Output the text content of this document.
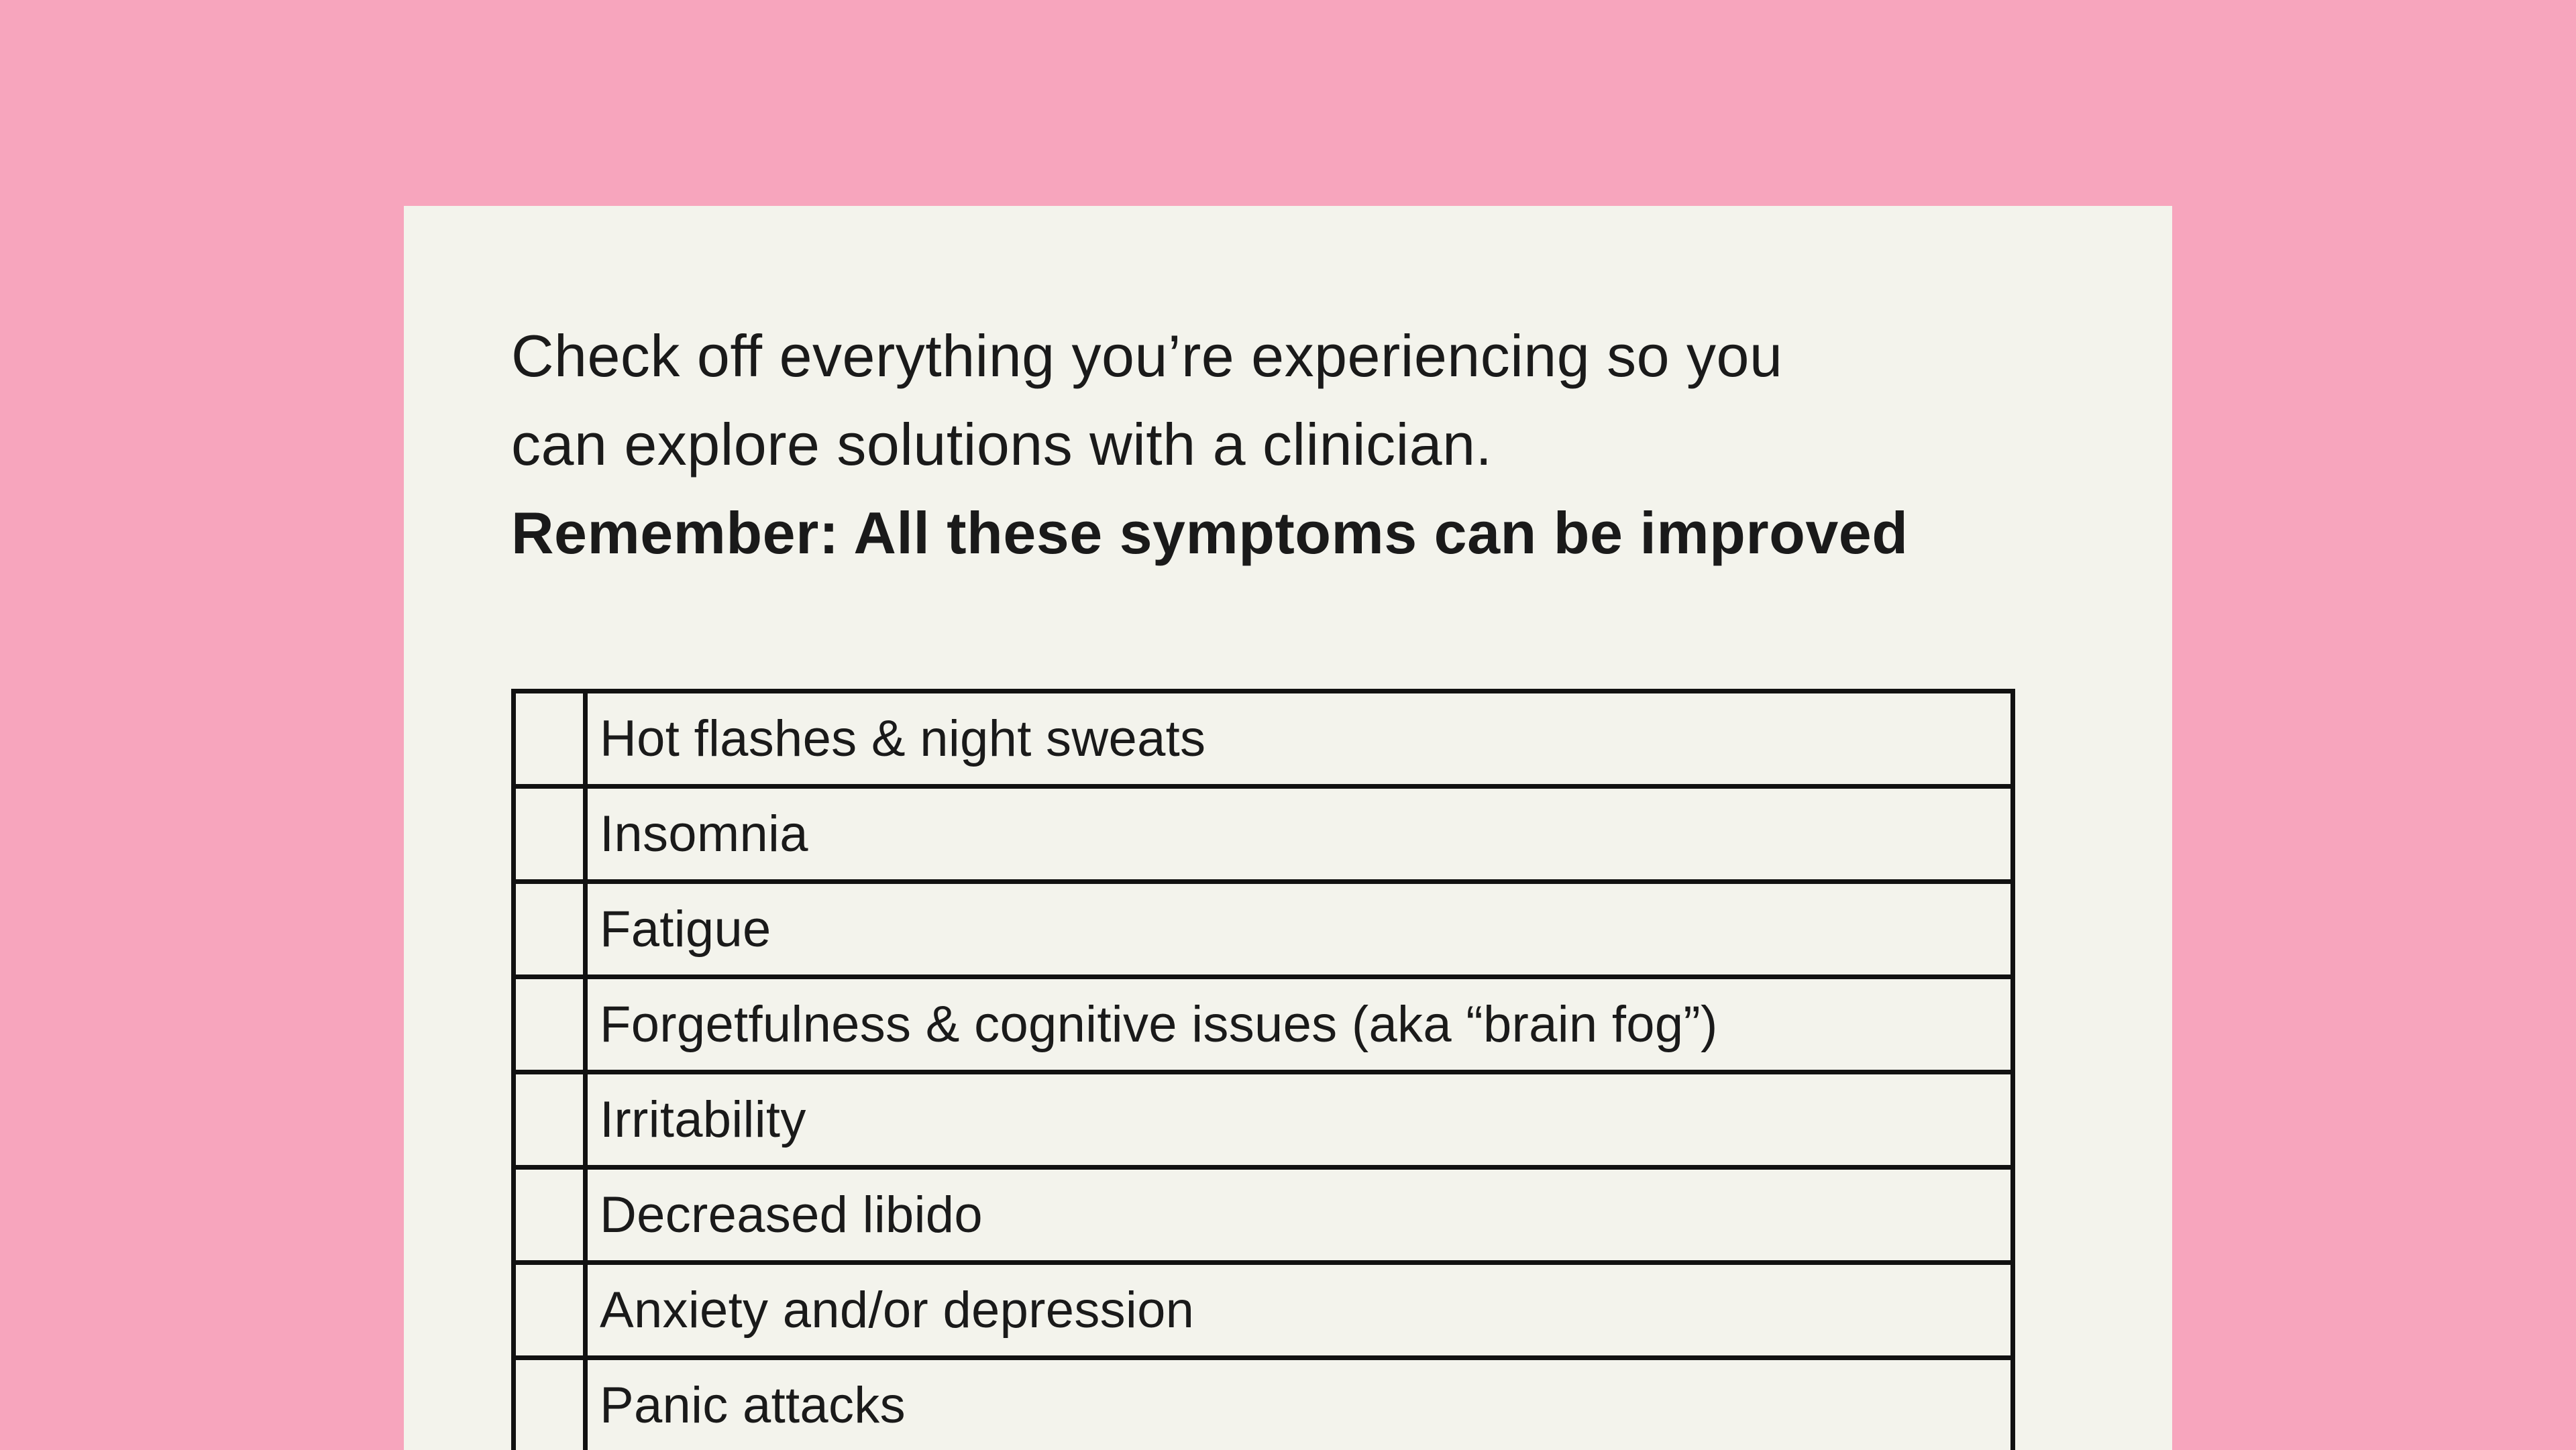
Check off everything you’re experiencing so you
can explore solutions with a clinician.
Remember: All these symptoms can be improved
	Hot flashes & night sweats
	Insomnia
	Fatigue
	Forgetfulness & cognitive issues (aka “brain fog”)
	Irritability
	Decreased libido
	Anxiety and/or depression
	Panic attacks
